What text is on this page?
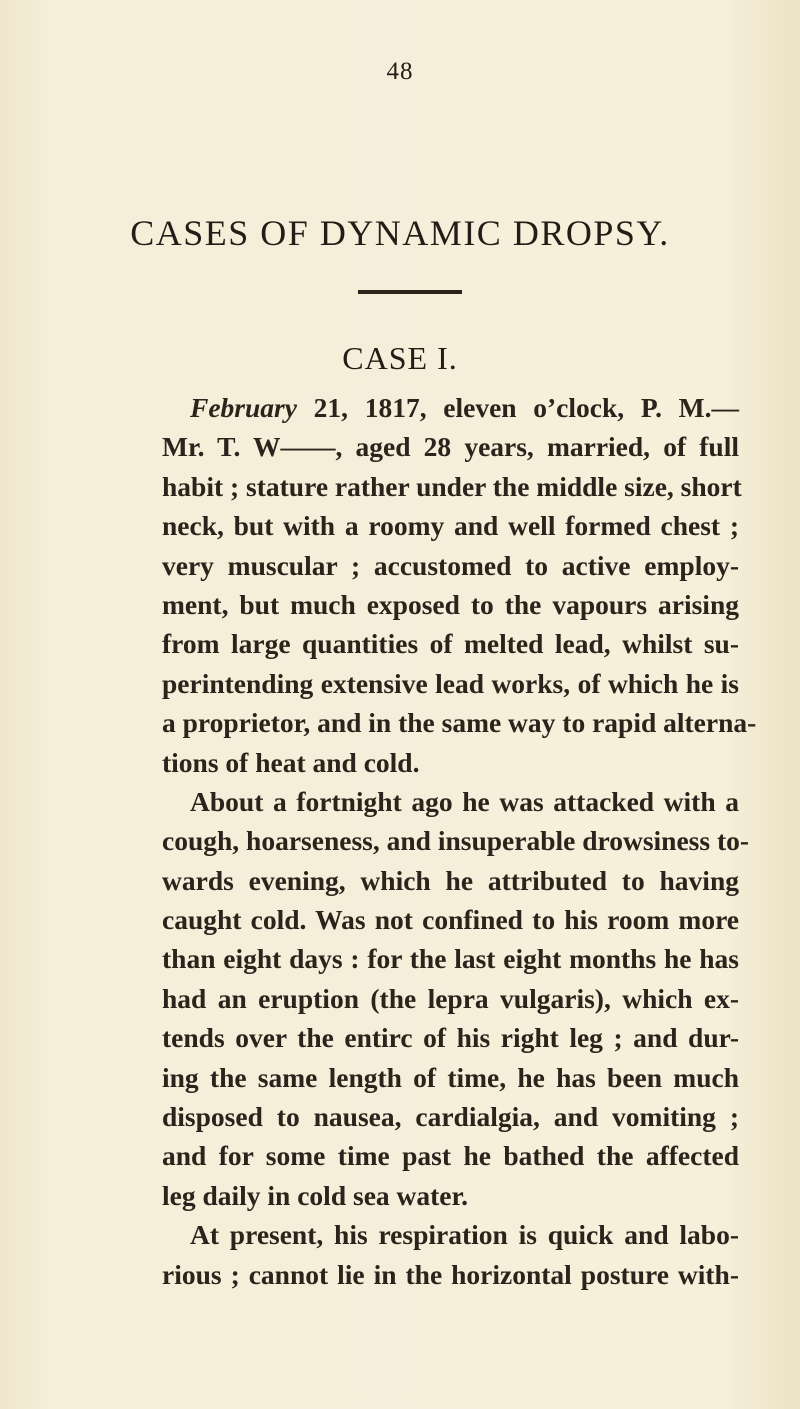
48
CASES OF DYNAMIC DROPSY.
CASE I.
February 21, 1817, eleven o’clock, P. M.—
Mr. T. W——, aged 28 years, married, of full
habit ; stature rather under the middle size, short
neck, but with a roomy and well formed chest ;
very muscular ; accustomed to active employ-
ment, but much exposed to the vapours arising
from large quantities of melted lead, whilst su-
perintending extensive lead works, of which he is
a proprietor, and in the same way to rapid alterna-
tions of heat and cold.
About a fortnight ago he was attacked with a
cough, hoarseness, and insuperable drowsiness to-
wards evening, which he attributed to having
caught cold. Was not confined to his room more
than eight days : for the last eight months he has
had an eruption (the lepra vulgaris), which ex-
tends over the entirc of his right leg ; and dur-
ing the same length of time, he has been much
disposed to nausea, cardialgia, and vomiting ;
and for some time past he bathed the affected
leg daily in cold sea water.
At present, his respiration is quick and labo-
rious ; cannot lie in the horizontal posture with-
